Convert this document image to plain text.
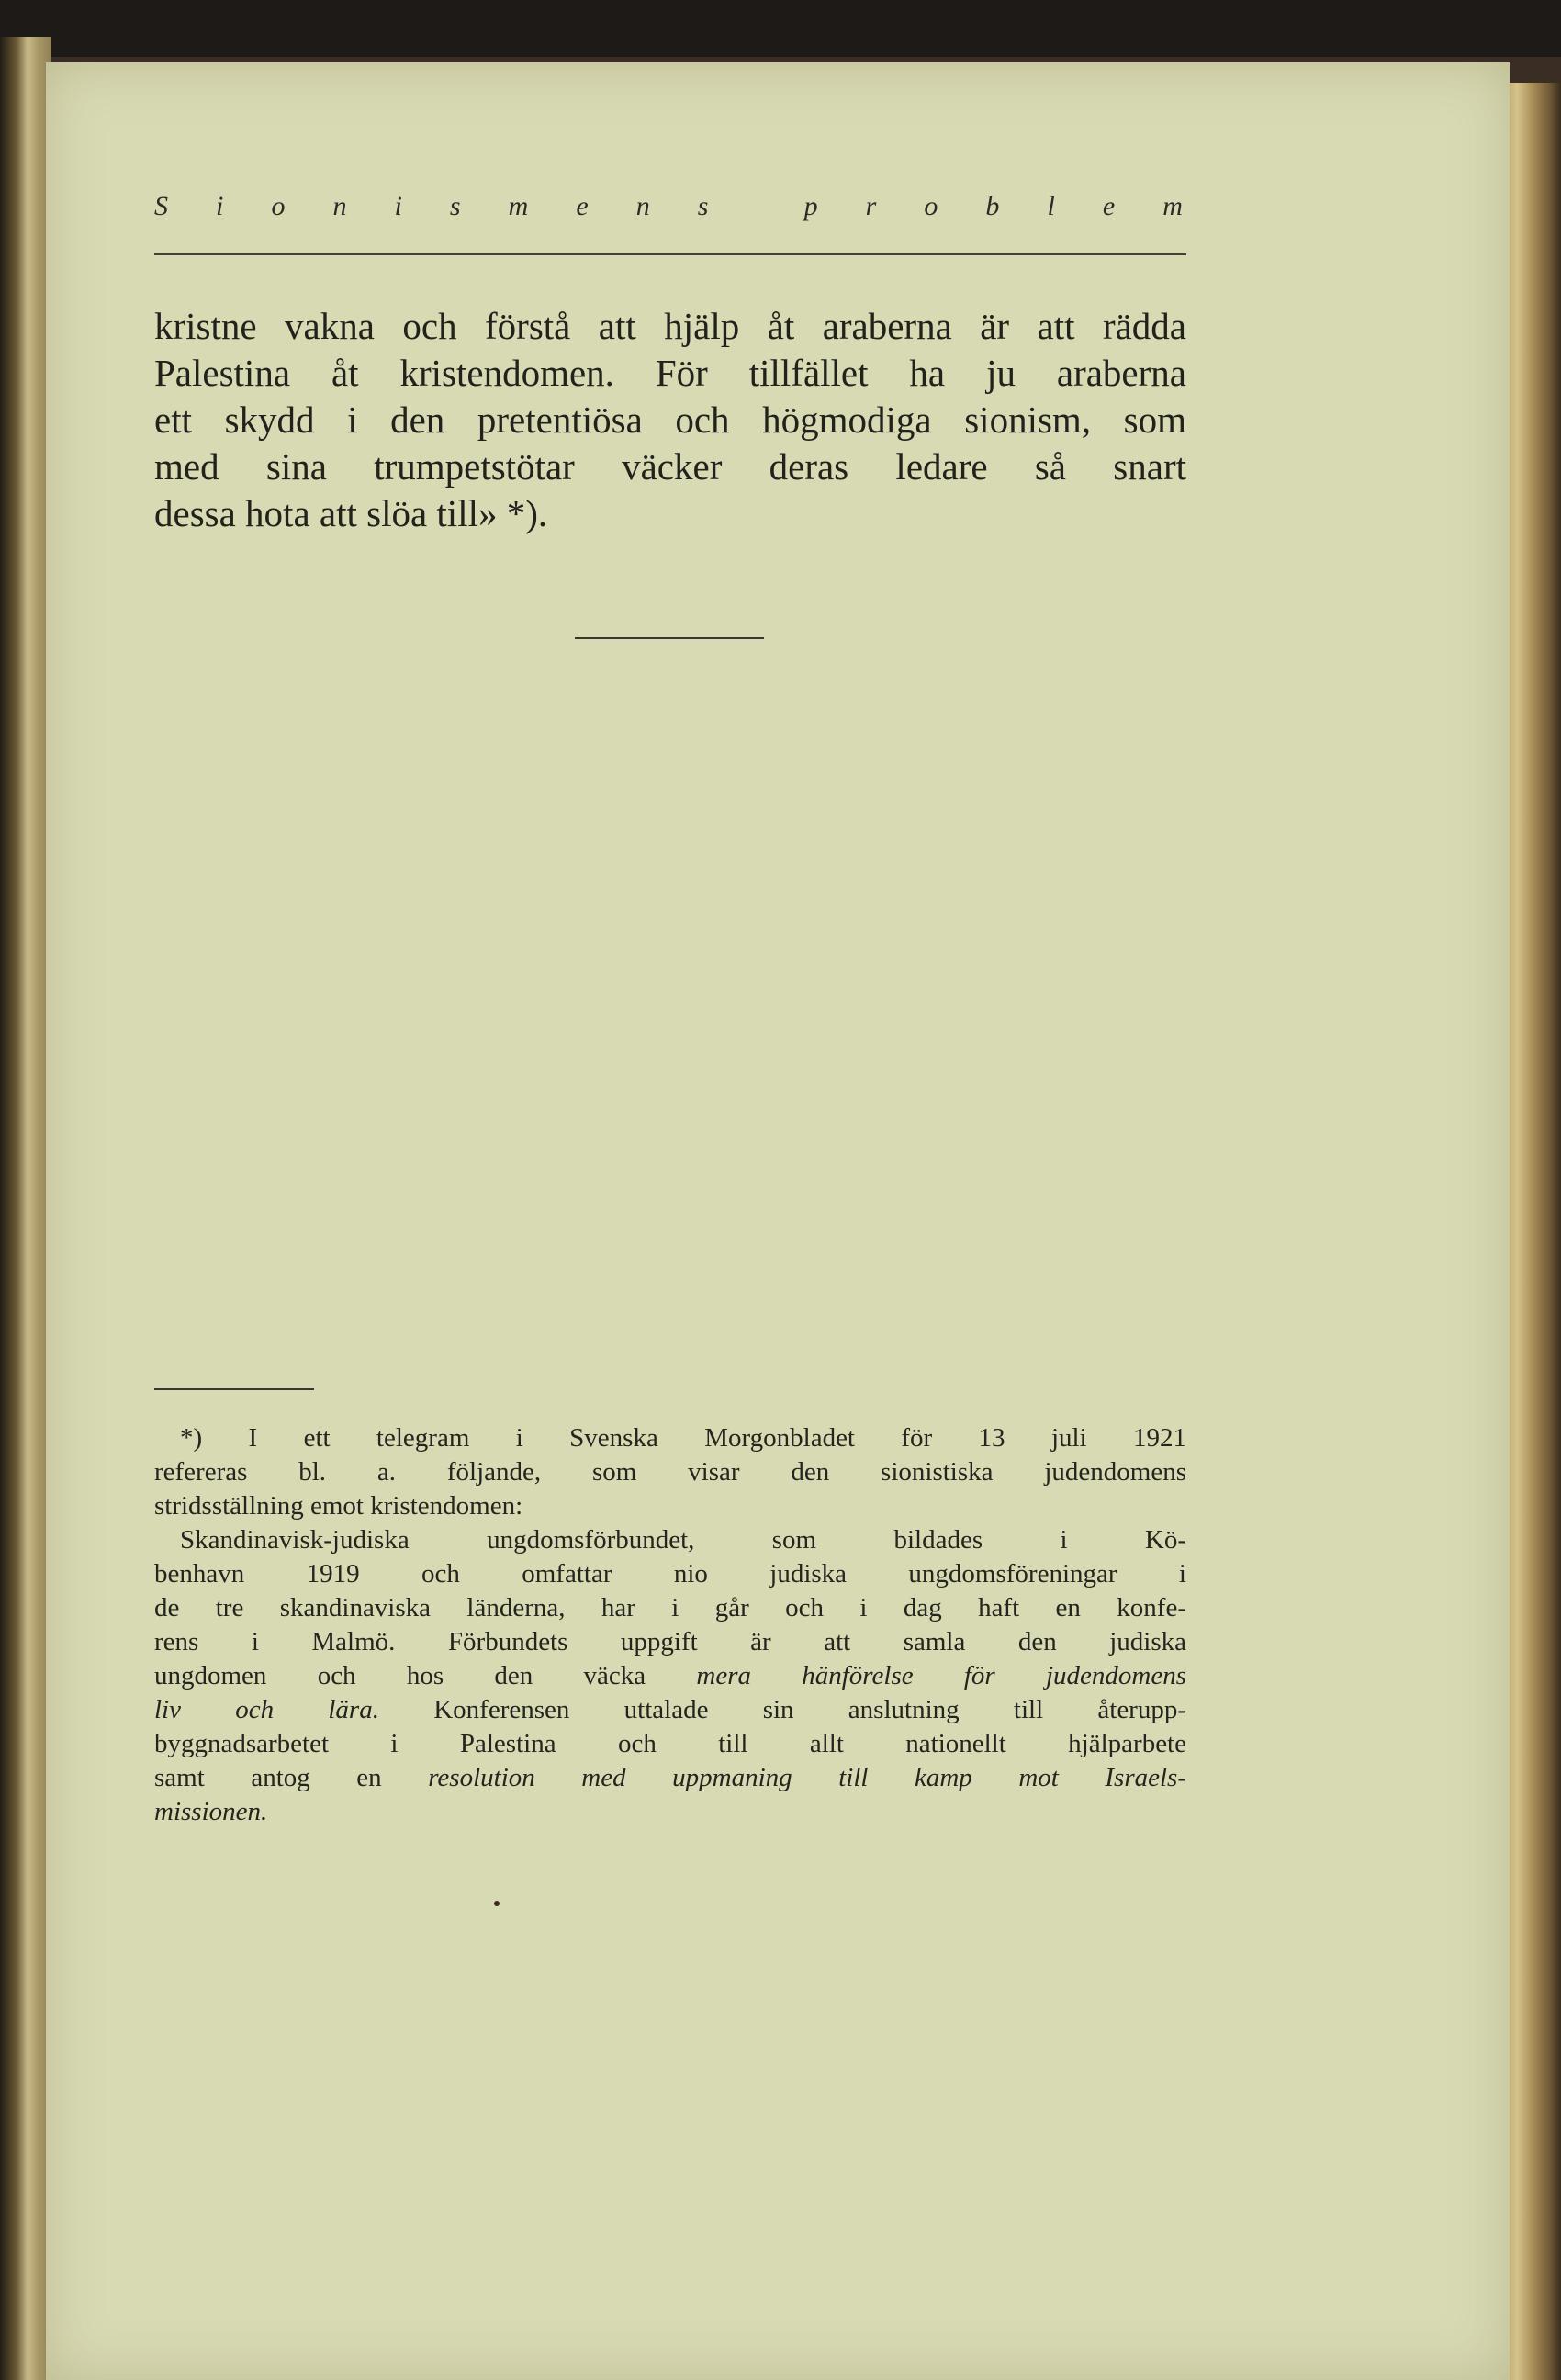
S i o n i s m e n s	p r o b l e m
kristne vakna och förstå att hjälp åt araberna är att rädda
Palestina åt kristendomen. För tillfället ha ju araberna
ett skydd i den pretentiösa och högmodiga sionism, som
med sina trumpetstötar väcker deras ledare så snart
dessa hota att slöa till» *).
*) I ett telegram i Svenska Morgonbladet för 13 juli 1921
refereras bl. a. följande, som visar den sionistiska judendomens
stridsställning emot kristendomen:
Skandinavisk-judiska ungdomsförbundet, som bildades i Kö-
benhavn 1919 och omfattar nio judiska ungdomsföreningar i
de tre skandinaviska länderna, har i går och i dag haft en konfe-
rens i Malmö. Förbundets uppgift är att samla den judiska
ungdomen och hos den väcka mera hänförelse för judendomens
liv och lära. Konferensen uttalade sin anslutning till återupp-
byggnadsarbetet i Palestina och till allt nationellt hjälparbete
samt antog en resolution med uppmaning till kamp mot Israels-
missionen.
